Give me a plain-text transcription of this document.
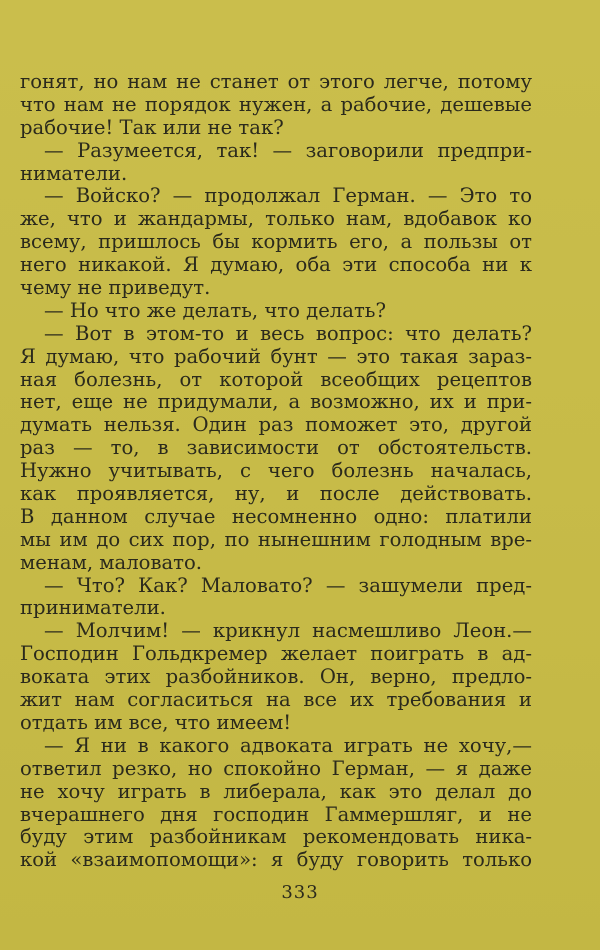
гонят, но нам не станет от этого легче, потому
что нам не порядок нужен, а рабочие, дешевые
рабочие! Так или не так?
— Разумеется, так! — заговорили предпри-
ниматели.
— Войско? — продолжал Герман. — Это то
же, что и жандармы, только нам, вдобавок ко
всему, пришлось бы кормить его, а пользы от
него никакой. Я думаю, оба эти способа ни к
чему не приведут.
— Но что же делать, что делать?
— Вот в этом-то и весь вопрос: что делать?
Я думаю, что рабочий бунт — это такая зараз-
ная болезнь, от которой всеобщих рецептов
нет, еще не придумали, а возможно, их и при-
думать нельзя. Один раз поможет это, другой
раз — то, в зависимости от обстоятельств.
Нужно учитывать, с чего болезнь началась,
как проявляется, ну, и после действовать.
В данном случае несомненно одно: платили
мы им до сих пор, по нынешним голодным вре-
менам, маловато.
— Что? Как? Маловато? — зашумели пред-
приниматели.
— Молчим! — крикнул насмешливо Леон.—
Господин Гольдкремер желает поиграть в ад-
воката этих разбойников. Он, верно, предло-
жит нам согласиться на все их требования и
отдать им все, что имеем!
— Я ни в какого адвоката играть не хочу,—
ответил резко, но спокойно Герман, — я даже
не хочу играть в либерала, как это делал до
вчерашнего дня господин Гаммершляг, и не
буду этим разбойникам рекомендовать ника-
кой «взаимопомощи»: я буду говорить только
333
